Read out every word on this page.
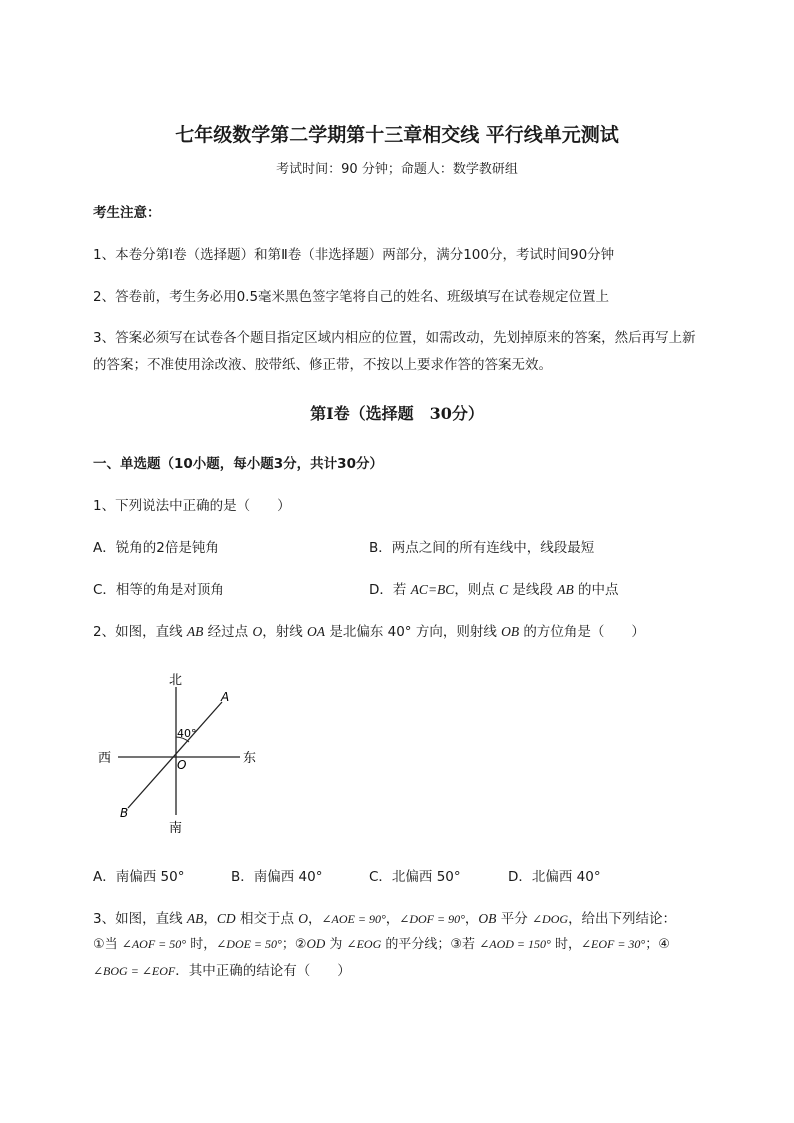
七年级数学第二学期第十三章相交线 平行线单元测试
考试时间：90 分钟；命题人：数学教研组
考生注意：
1、本卷分第Ⅰ卷（选择题）和第Ⅱ卷（非选择题）两部分，满分100分，考试时间90分钟
2、答卷前，考生务必用0.5毫米黑色签字笔将自己的姓名、班级填写在试卷规定位置上
3、答案必须写在试卷各个题目指定区域内相应的位置，如需改动，先划掉原来的答案，然后再写上新
的答案；不准使用涂改液、胶带纸、修正带，不按以上要求作答的答案无效。
第Ⅰ卷（选择题　30分）
一、单选题（10小题，每小题3分，共计30分）
1、下列说法中正确的是（　　）
A．锐角的2倍是钝角	B．两点之间的所有连线中，线段最短
C．相等的角是对顶角	D．若 AC=BC，则点 C 是线段 AB 的中点
2、如图，直线 AB 经过点 O，射线 OA 是北偏东 40° 方向，则射线 OB 的方位角是（　　）
北
南
西	东
A
B
O
40°
A．南偏西 50°	B．南偏西 40°	C．北偏西 50°	D．北偏西 40°
3、如图，直线 AB，CD 相交于点 O，∠AOE = 90°，∠DOF = 90°，OB 平分 ∠DOG，给出下列结论：
①当 ∠AOF = 50° 时，∠DOE = 50°；②OD 为 ∠EOG 的平分线；③若 ∠AOD = 150° 时，∠EOF = 30°；④
∠BOG = ∠EOF．其中正确的结论有（　　）
